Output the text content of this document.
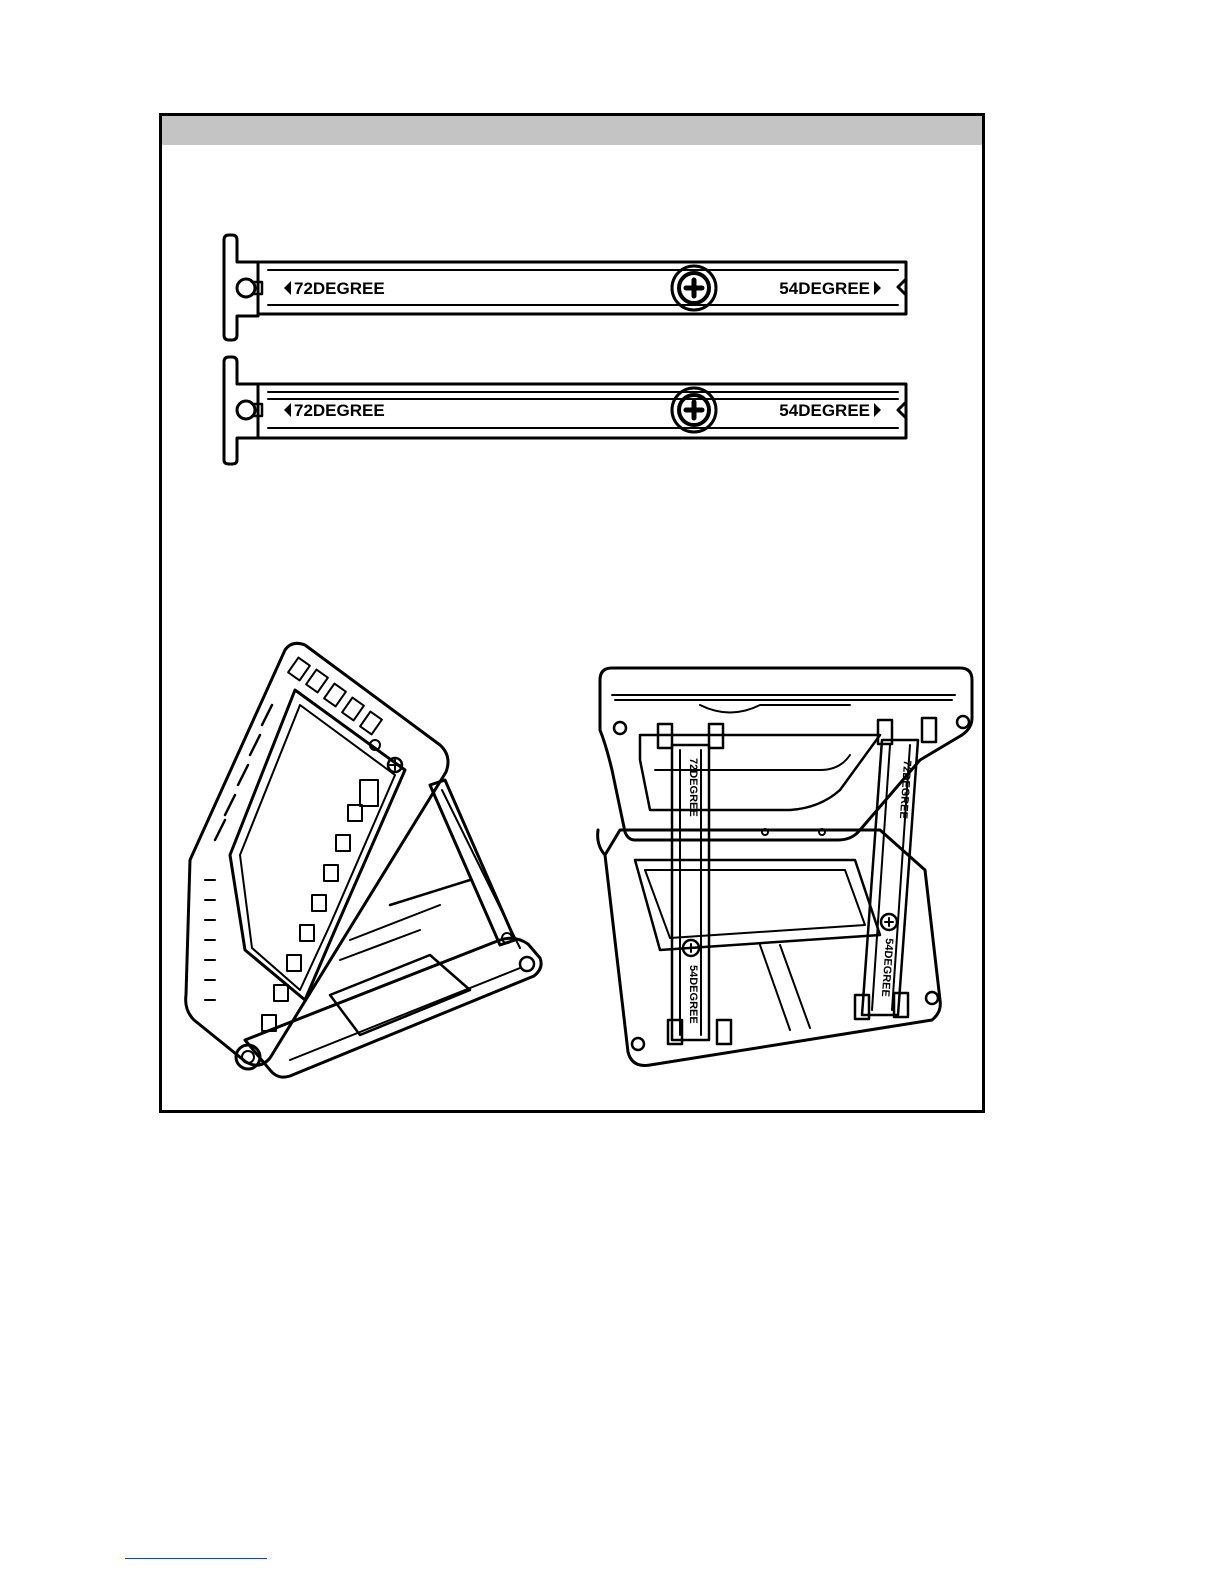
72DEGREE	54DEGREE
72DEGREE	54DEGREE
72DEGREE
54DEGREE
72DEGREE
54DEGREE
